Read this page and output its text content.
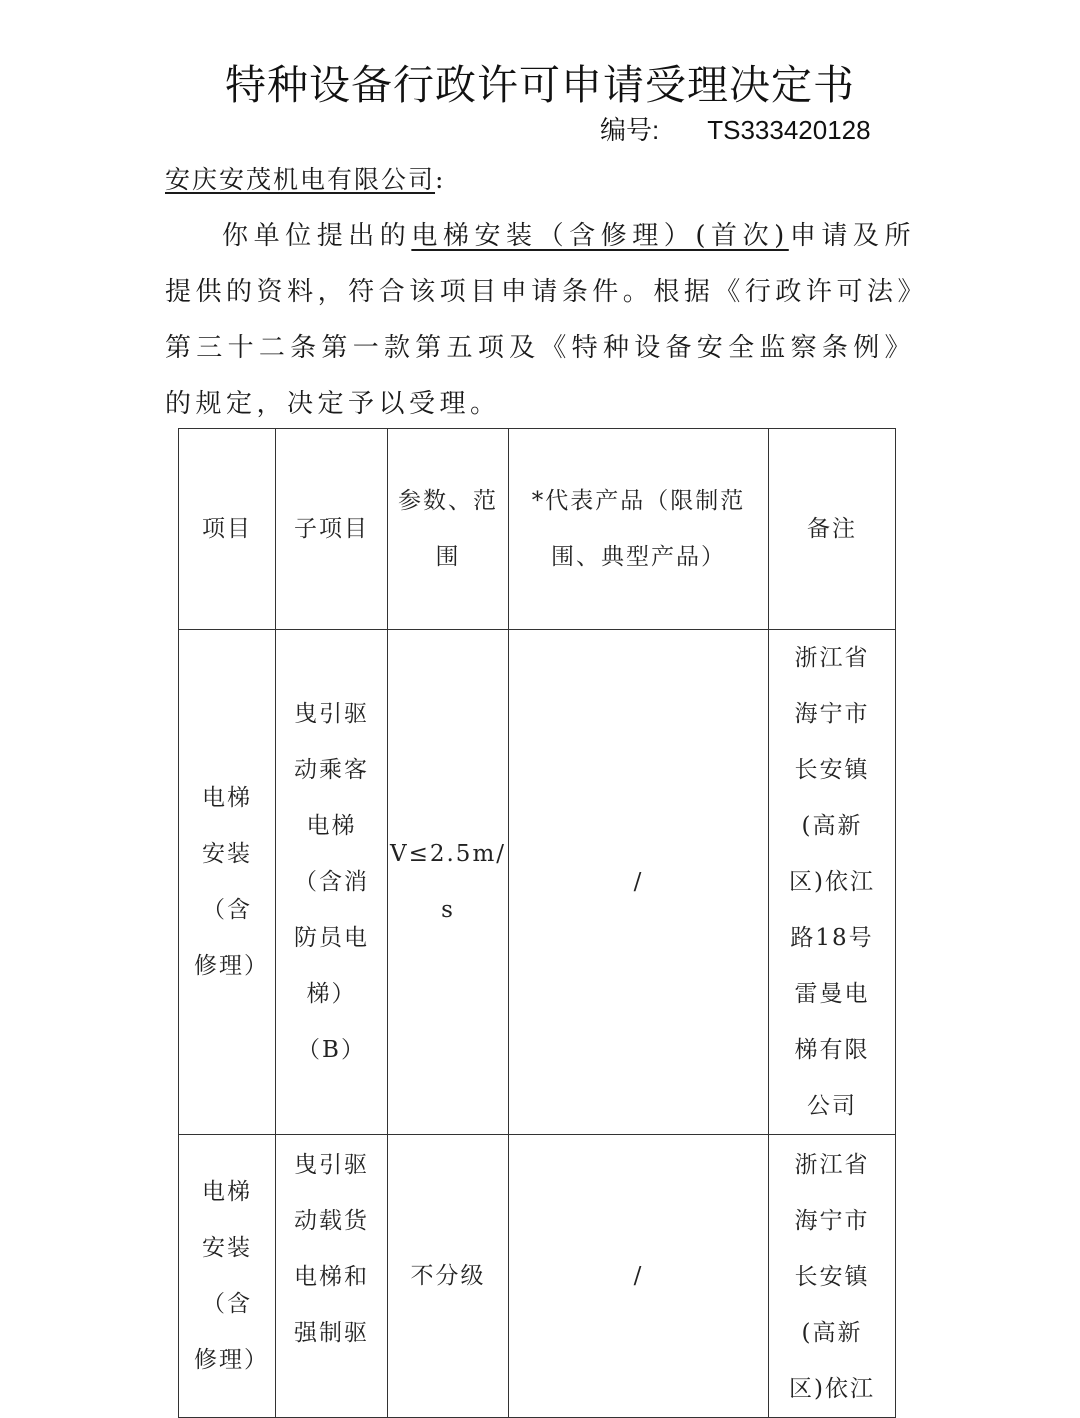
特种设备行政许可申请受理决定书
编号: TS333420128
安庆安茂机电有限公司:
你单位提出的电梯安装（含修理）(首次)申请及所提供的资料，符合该项目申请条件。根据《行政许可法》第三十二条第一款第五项及《特种设备安全监察条例》的规定，决定予以受理。
项目	子项目	参数、范围	*代表产品（限制范围、典型产品）	备注
电梯安装（含修理）	曳引驱动乘客电梯（含消防员电梯）（B）	V≤2.5m/s	/	浙江省海宁市长安镇(高新区)依江路18号雷曼电梯有限公司
电梯安装（含修理）	曳引驱动载货电梯和强制驱	不分级	/	浙江省海宁市长安镇(高新区)依江
